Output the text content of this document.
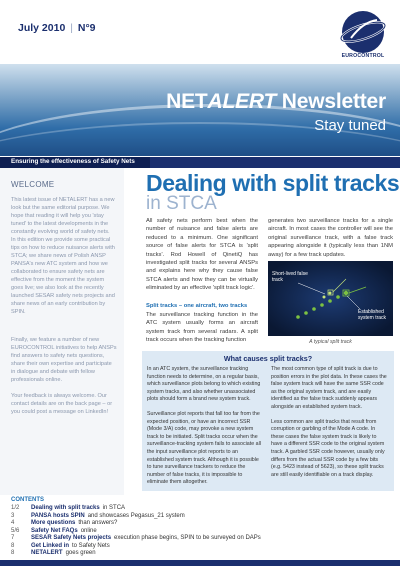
July 2010 | N°9
EUROCONTROL
NETALERT Newsletter
Stay tuned
Ensuring the effectiveness of Safety Nets
WELCOME

This latest issue of NETALERT has a new look but the same editorial purpose. We hope that reading it will help you 'stay tuned' to the latest developments in the constantly evolving world of safety nets.

In this edition we provide some practical tips on how to reduce nuisance alerts with STCA; we share news of Polish ANSP PANSA's new ATC system and how we collaborated to ensure safety nets are effective from the moment the system goes live; we also look at the recently launched SESAR safety nets projects and share news of an early contribution by SPIN.

Finally, we feature a number of new EUROCONTROL initiatives to help ANSPs find answers to safety nets questions, share their own expertise and participate in dialogue and debate with fellow professionals online.

Your feedback is always welcome. Our contact details are on the back page – or you could post a message on LinkedIn!

Dealing with split tracks
in STCA

All safety nets perform best when the number of nuisance and false alerts are reduced to a minimum. One significant source of false alerts for STCA is 'split tracks'. Rod Howell of QinetiQ has investigated split tracks for several ANSPs and explains here why they cause false STCA alerts and how they can be virtually eliminated by an effective 'split track logic'.

Split tracks – one aircraft, two tracks

The surveillance tracking function in the ATC system usually forms an aircraft system track from several radars. A split track occurs when the tracking function

generates two surveillance tracks for a single aircraft. In most cases the controller will see the original surveillance track, with a false track appearing alongside it (typically less than 1NM away) for a few track updates.

Short-lived false track
Established system track
A typical split track
What causes split tracks?

In an ATC system, the surveillance tracking function needs to determine, on a regular basis, which surveillance plots belong to which existing system tracks, and also whether unassociated plots should form a brand new system track.

Surveillance plot reports that fall too far from the expected position, or have an incorrect SSR (Mode 3/A) code, may provoke a new system track to be initiated. Split tracks occur when the surveillance-tracking system fails to associate all the input surveillance plot reports to an established system track. Although it is possible to tune surveillance trackers to reduce the number of false tracks, it is impossible to eliminate them altogether.

The most common type of split track is due to position errors in the plot data. In these cases the false system track will have the same SSR code as the original system track, and are easily identified as the false track suddenly appears alongside an established system track.

Less common are split tracks that result from corruption or garbling of the Mode A code. In these cases the false system track is likely to have a different SSR code to the original system track. A garbled SSR code however, usually only differs from the actual SSR code by a few bits (e.g. 5423 instead of 5623), so these split tracks are still easily identifiable on a track display.

CONTENTS
1/2	Dealing with split tracks in STCA
3	PANSA hosts SPIN and showcases Pegasus_21 system
4	More questions than answers?
5/6	Safety Net FAQs online
7	SESAR Safety Nets projects execution phase begins, SPIN to be surveyed on DAPs
8	Get Linked in to Safety Nets
8	NETALERT goes green
